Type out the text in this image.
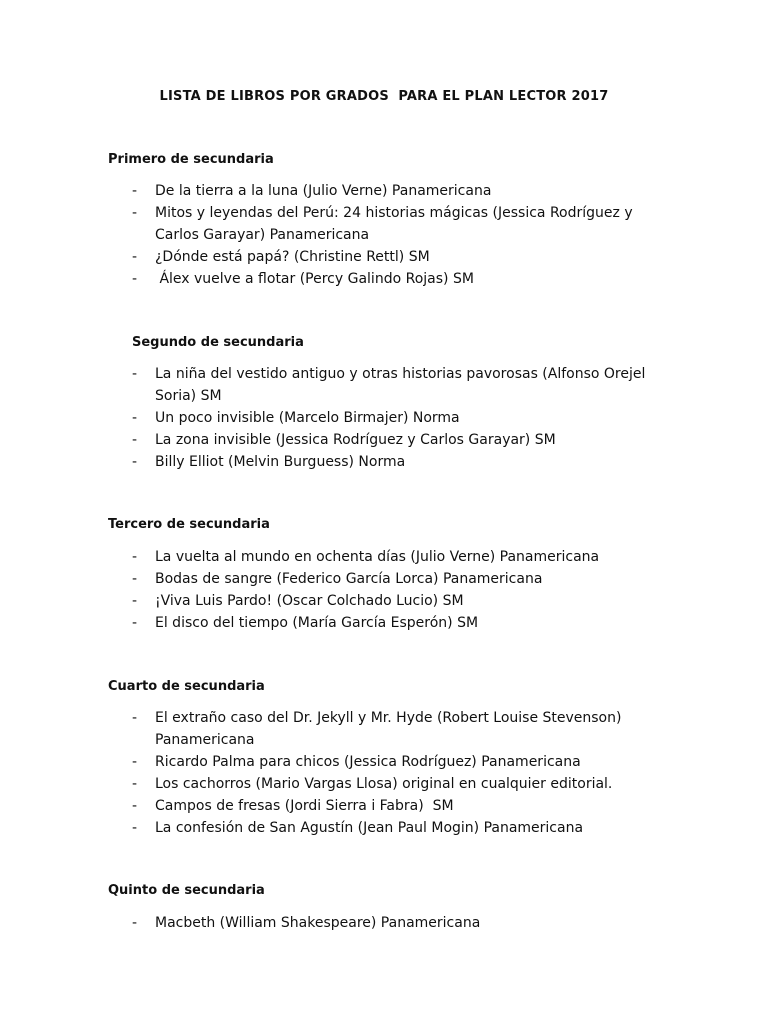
LISTA DE LIBROS POR GRADOS  PARA EL PLAN LECTOR 2017
Primero de secundaria
- De la tierra a la luna (Julio Verne) Panamericana
- Mitos y leyendas del Perú: 24 historias mágicas (Jessica Rodríguez y Carlos Garayar) Panamericana
- ¿Dónde está papá? (Christine Rettl) SM
- Álex vuelve a flotar (Percy Galindo Rojas) SM
Segundo de secundaria
- La niña del vestido antiguo y otras historias pavorosas (Alfonso Orejel Soria) SM
- Un poco invisible (Marcelo Birmajer) Norma
- La zona invisible (Jessica Rodríguez y Carlos Garayar) SM
- Billy Elliot (Melvin Burguess) Norma
Tercero de secundaria
- La vuelta al mundo en ochenta días (Julio Verne) Panamericana
- Bodas de sangre (Federico García Lorca) Panamericana
- ¡Viva Luis Pardo! (Oscar Colchado Lucio) SM
- El disco del tiempo (María García Esperón) SM
Cuarto de secundaria
- El extraño caso del Dr. Jekyll y Mr. Hyde (Robert Louise Stevenson) Panamericana
- Ricardo Palma para chicos (Jessica Rodríguez) Panamericana
- Los cachorros (Mario Vargas Llosa) original en cualquier editorial.
- Campos de fresas (Jordi Sierra i Fabra)  SM
- La confesión de San Agustín (Jean Paul Mogin) Panamericana
Quinto de secundaria
- Macbeth (William Shakespeare) Panamericana
